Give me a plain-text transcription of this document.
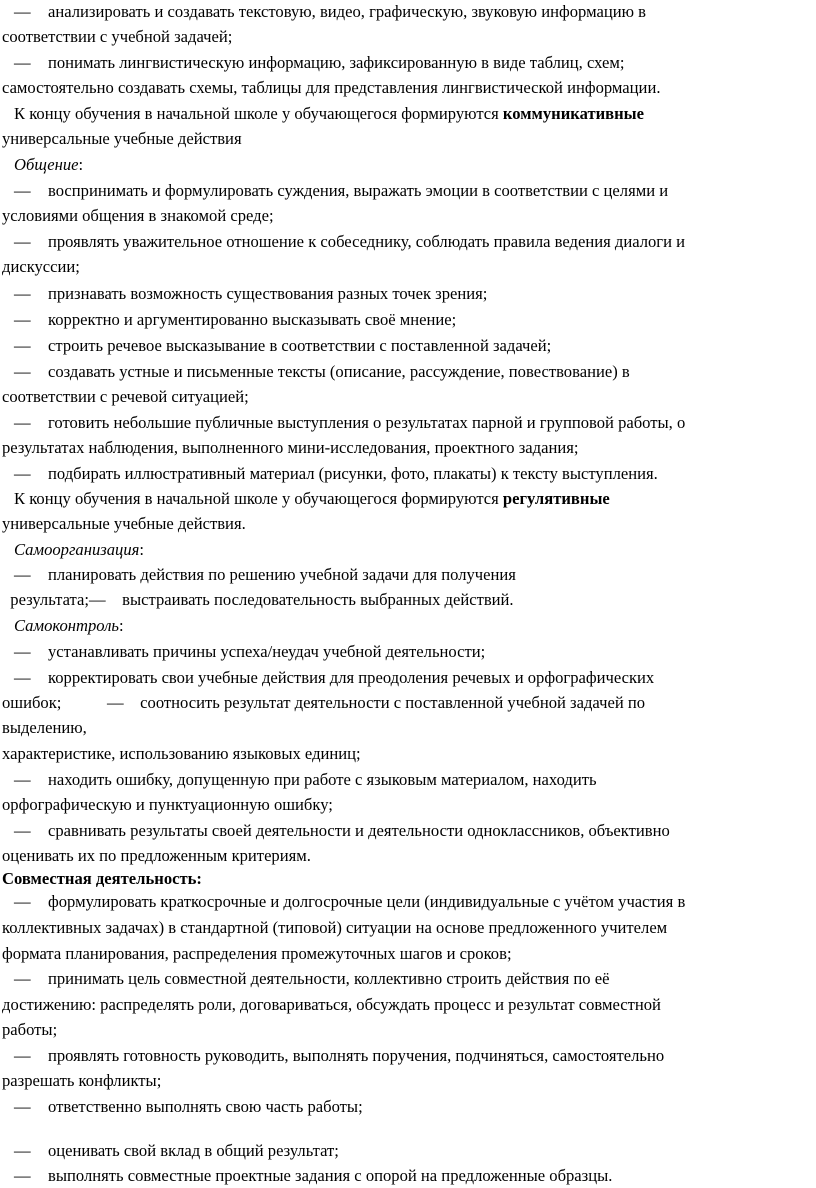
— анализировать и создавать текстовую, видео, графическую, звуковую информацию в
соответствии с учебной задачей;
— понимать лингвистическую информацию, зафиксированную в виде таблиц, схем;
самостоятельно создавать схемы, таблицы для представления лингвистической информации.
К концу обучения в начальной школе у обучающегося формируются коммуникативные
универсальные учебные действия
Общение:
— воспринимать и формулировать суждения, выражать эмоции в соответствии с целями и
условиями общения в знакомой среде;
— проявлять уважительное отношение к собеседнику, соблюдать правила ведения диалоги и
дискуссии;
— признавать возможность существования разных точек зрения;
— корректно и аргументированно высказывать своё мнение;
— строить речевое высказывание в соответствии с поставленной задачей;
— создавать устные и письменные тексты (описание, рассуждение, повествование) в
соответствии с речевой ситуацией;
— готовить небольшие публичные выступления о результатах парной и групповой работы, о
результатах наблюдения, выполненного мини-исследования, проектного задания;
— подбирать иллюстративный материал (рисунки, фото, плакаты) к тексту выступления.
К концу обучения в начальной школе у обучающегося формируются регулятивные
универсальные учебные действия.
Самоорганизация:
— планировать действия по решению учебной задачи для получения
результата;—    выстраивать последовательность выбранных действий.
Самоконтроль:
— устанавливать причины успеха/неудач учебной деятельности;
— корректировать свои учебные действия для преодоления речевых и орфографических
ошибок;           —    соотносить результат деятельности с поставленной учебной задачей по
выделению,
характеристике, использованию языковых единиц;
— находить ошибку, допущенную при работе с языковым материалом, находить
орфографическую и пунктуационную ошибку;
— сравнивать результаты своей деятельности и деятельности одноклассников, объективно
оценивать их по предложенным критериям.
Совместная деятельность:
— формулировать краткосрочные и долгосрочные цели (индивидуальные с учётом участия в
коллективных задачах) в стандартной (типовой) ситуации на основе предложенного учителем
формата планирования, распределения промежуточных шагов и сроков;
— принимать цель совместной деятельности, коллективно строить действия по её
достижению: распределять роли, договариваться, обсуждать процесс и результат совместной
работы;
— проявлять готовность руководить, выполнять поручения, подчиняться, самостоятельно
разрешать конфликты;
— ответственно выполнять свою часть работы;
— оценивать свой вклад в общий результат;
— выполнять совместные проектные задания с опорой на предложенные образцы.
